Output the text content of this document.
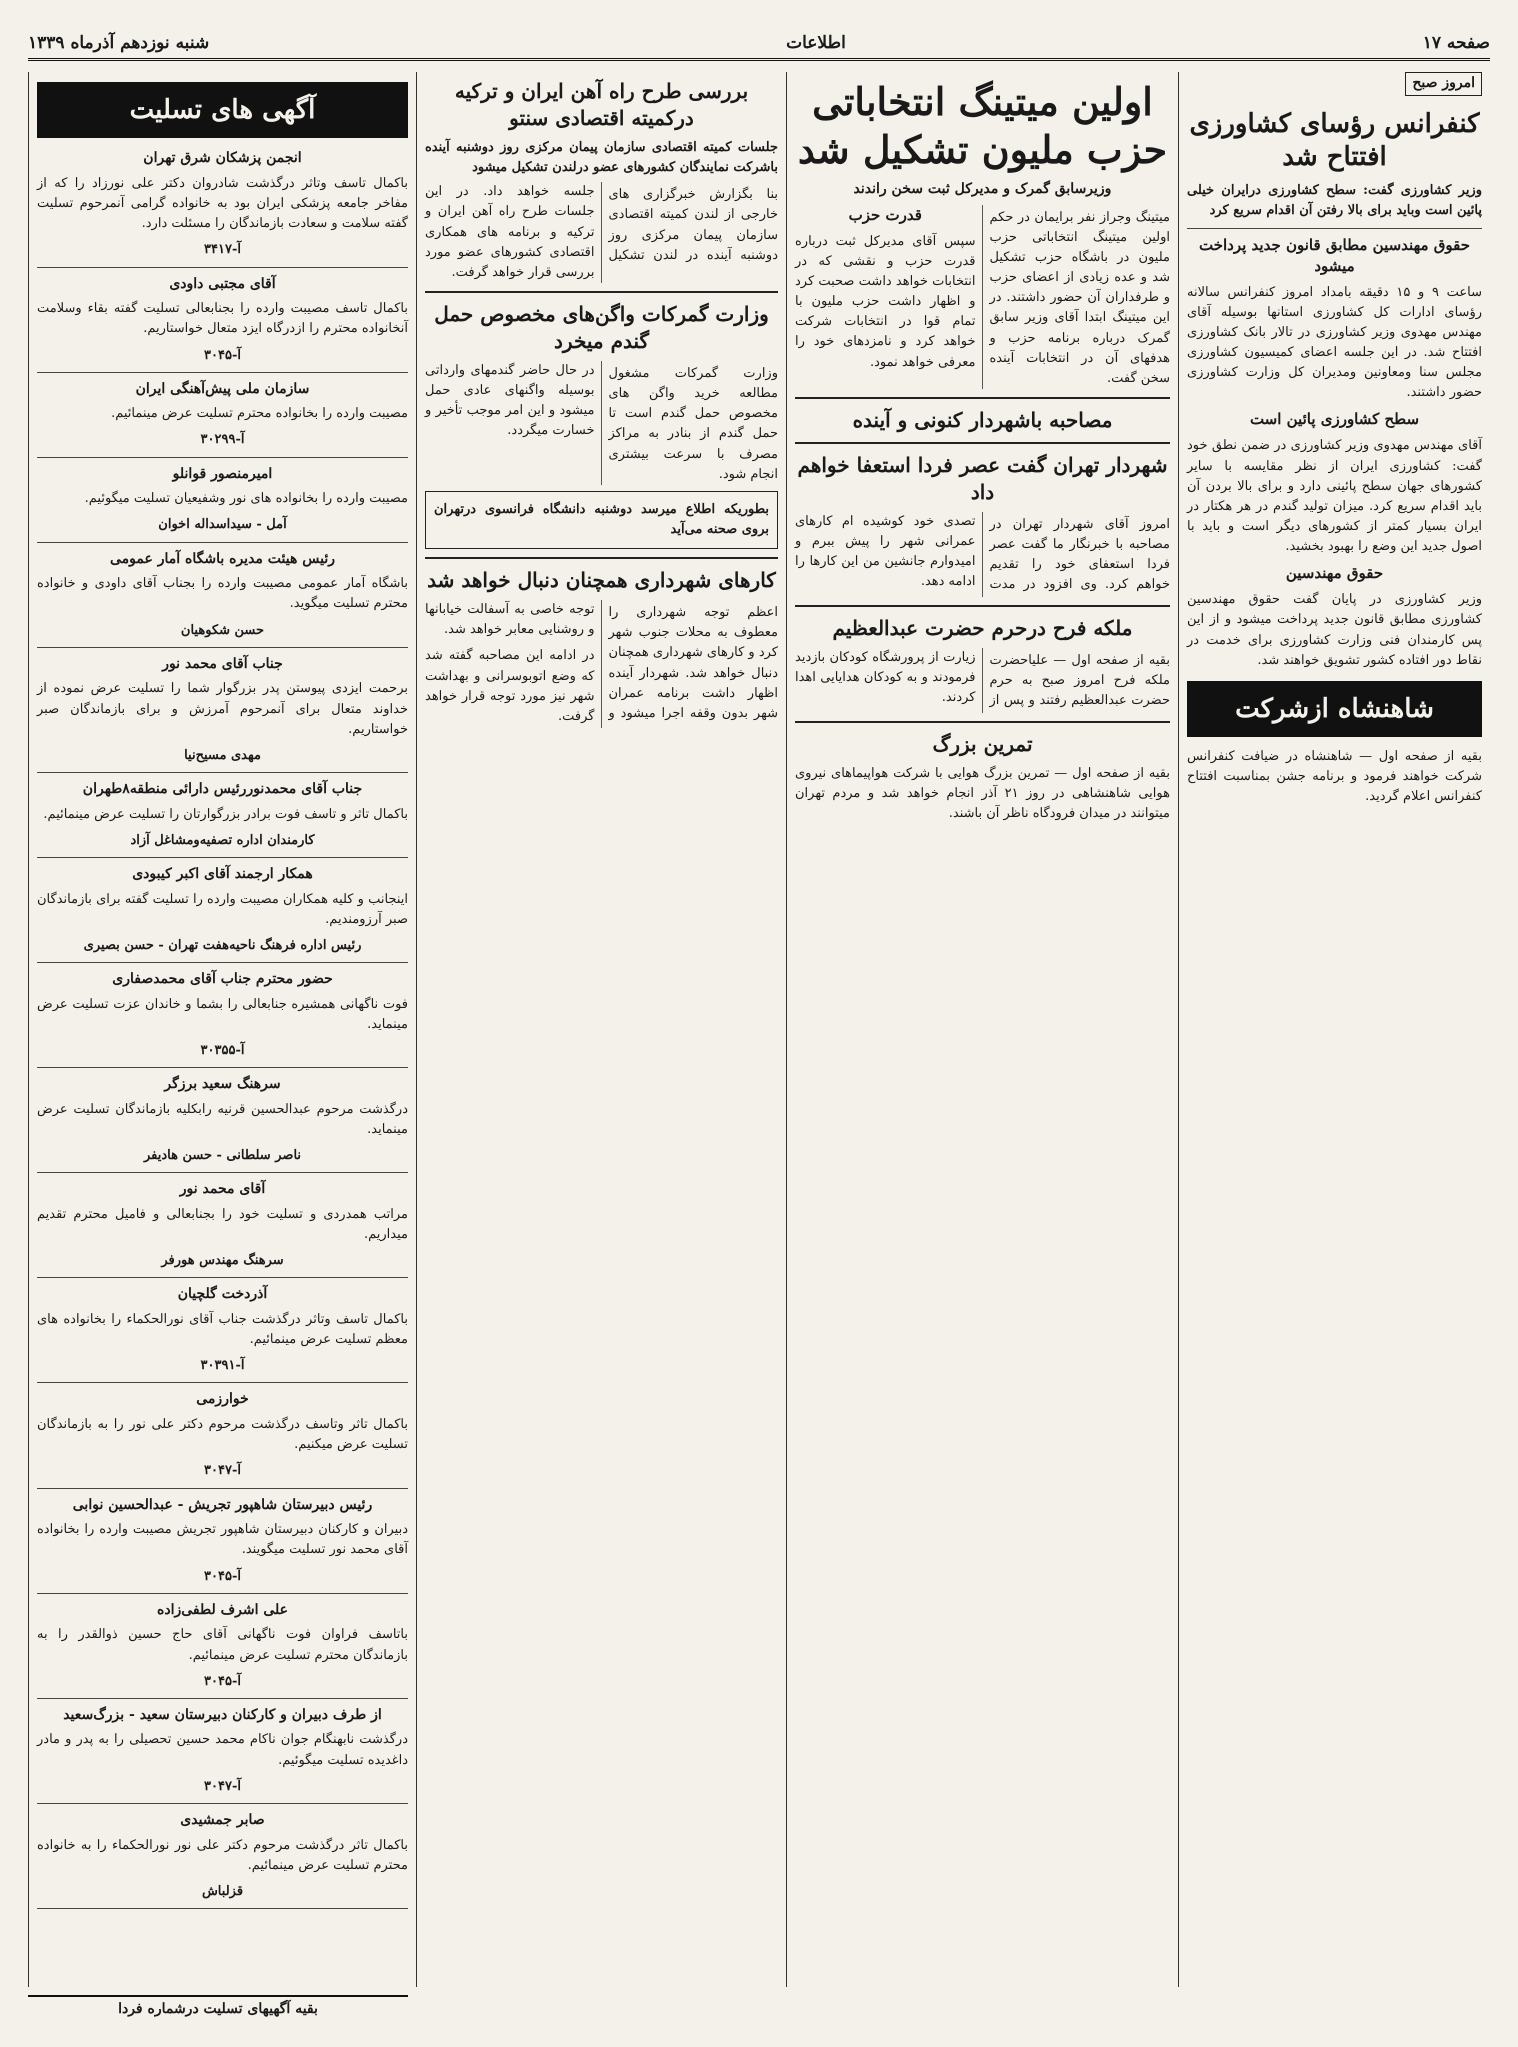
صفحه ۱۷
اطلاعات
شنبه نوزدهم آذرماه ۱۳۳۹
امروز صبح
کنفرانس رؤسای کشاورزی افتتاح شد
وزیر کشاورزی گفت: سطح کشاورزی درایران خیلی پائین است وباید برای بالا رفتن آن اقدام سریع کرد
حقوق مهندسین مطابق قانون جدید پرداخت میشود

ساعت ۹ و ۱۵ دقیقه بامداد امروز کنفرانس سالانه رؤسای ادارات کل کشاورزی استانها بوسیله آقای مهندس مهدوی وزیر کشاورزی در تالار بانک کشاورزی افتتاح شد. در این جلسه اعضای کمیسیون کشاورزی مجلس سنا ومعاونین ومدیران کل وزارت کشاورزی حضور داشتند.

سطح کشاورزی پائین است

آقای مهندس مهدوی وزیر کشاورزی در ضمن نطق خود گفت: کشاورزی ایران از نظر مقایسه با سایر کشورهای جهان سطح پائینی دارد و برای بالا بردن آن باید اقدام سریع کرد. میزان تولید گندم در هر هکتار در ایران بسیار کمتر از کشورهای دیگر است و باید با اصول جدید این وضع را بهبود بخشید.

حقوق مهندسین

وزیر کشاورزی در پایان گفت حقوق مهندسین کشاورزی مطابق قانون جدید پرداخت میشود و از این پس کارمندان فنی وزارت کشاورزی برای خدمت در نقاط دور افتاده کشور تشویق خواهند شد.

شاهنشاه ازشرکت

بقیه از صفحه اول — شاهنشاه در ضیافت کنفرانس شرکت خواهند فرمود و برنامه جشن بمناسبت افتتاح کنفرانس اعلام گردید.

اولین میتینگ انتخاباتی حزب ملیون تشکیل شد
وزیرسابق گمرک و مدیرکل ثبت سخن راندند

میتینگ وجراز نفر برایمان در حکم اولین میتینگ انتخاباتی حزب ملیون در باشگاه حزب تشکیل شد و عده زیادی از اعضای حزب و طرفداران آن حضور داشتند. در این میتینگ ابتدا آقای وزیر سابق گمرک درباره برنامه حزب و هدفهای آن در انتخابات آینده سخن گفت.

قدرت حزب

سپس آقای مدیرکل ثبت درباره قدرت حزب و نقشی که در انتخابات خواهد داشت صحبت کرد و اظهار داشت حزب ملیون با تمام قوا در انتخابات شرکت خواهد کرد و نامزدهای خود را معرفی خواهد نمود.

مصاحبه باشهردار کنونی و آینده
شهردار تهران گفت عصر فردا استعفا خواهم داد

امروز آقای شهردار تهران در مصاحبه با خبرنگار ما گفت عصر فردا استعفای خود را تقدیم خواهم کرد. وی افزود در مدت تصدی خود کوشیده ام کارهای عمرانی شهر را پیش ببرم و امیدوارم جانشین من این کارها را ادامه دهد.

ملکه فرح درحرم حضرت عبدالعظیم

بقیه از صفحه اول — علیاحضرت ملکه فرح امروز صبح به حرم حضرت عبدالعظیم رفتند و پس از زیارت از پرورشگاه کودکان بازدید فرمودند و به کودکان هدایایی اهدا کردند.

تمرین بزرگ

بقیه از صفحه اول — تمرین بزرگ هوایی با شرکت هواپیماهای نیروی هوایی شاهنشاهی در روز ۲۱ آذر انجام خواهد شد و مردم تهران میتوانند در میدان فرودگاه ناظر آن باشند.

بررسی طرح راه آهن ایران و ترکیه درکمیته اقتصادی سنتو
جلسات کمیته اقتصادی سازمان پیمان مرکزی روز دوشنبه آینده باشرکت نمایندگان کشورهای عضو درلندن تشکیل میشود

بنا بگزارش خبرگزاری های خارجی از لندن کمیته اقتصادی سازمان پیمان مرکزی روز دوشنبه آینده در لندن تشکیل جلسه خواهد داد. در این جلسات طرح راه آهن ایران و ترکیه و برنامه های همکاری اقتصادی کشورهای عضو مورد بررسی قرار خواهد گرفت.

وزارت گمرکات واگن‌های مخصوص حمل گندم میخرد

وزارت گمرکات مشغول مطالعه خرید واگن های مخصوص حمل گندم است تا حمل گندم از بنادر به مراکز مصرف با سرعت بیشتری انجام شود.

در حال حاضر گندمهای وارداتی بوسیله واگنهای عادی حمل میشود و این امر موجب تأخیر و خسارت میگردد.

بطوریکه اطلاع میرسد دوشنبه دانشگاه فرانسوی درتهران بروی صحنه می‌آید
کارهای شهرداری همچنان دنبال خواهد شد

اعظم توجه شهرداری را معطوف به محلات جنوب شهر کرد و کارهای شهرداری همچنان دنبال خواهد شد. شهردار آینده اظهار داشت برنامه عمران شهر بدون وقفه اجرا میشود و توجه خاصی به آسفالت خیابانها و روشنایی معابر خواهد شد.

در ادامه این مصاحبه گفته شد که وضع اتوبوسرانی و بهداشت شهر نیز مورد توجه قرار خواهد گرفت.

آگهی های تسلیت
انجمن پزشکان شرق تهران

باکمال تاسف وتاثر درگذشت شادروان دکتر علی نورزاد را که از مفاخر جامعه پزشکی ایران بود به خانواده گرامی آنمرحوم تسلیت گفته سلامت و سعادت بازماندگان را مسئلت دارد.

آ-۳۴۱۷
آقای مجتبی داودی

باکمال تاسف مصیبت وارده را بجنابعالی تسلیت گفته بقاء وسلامت آنخانواده محترم را ازدرگاه ایزد متعال خواستاریم.

آ-۳۰۴۵
سازمان ملی پیش‌آهنگی ایران

مصیبت وارده را بخانواده محترم تسلیت عرض مینمائیم.

آ-۳۰۲۹۹
امیرمنصور قوانلو

مصیبت وارده را بخانواده های نور وشفیعیان تسلیت میگوئیم.

آمل - سیداسداله اخوان
رئیس هیئت مدیره باشگاه آمار عمومی

باشگاه آمار عمومی مصیبت وارده را بجناب آقای داودی و خانواده محترم تسلیت میگوید.

حسن شکوهیان
جناب آقای محمد نور

برحمت ایزدی پیوستن پدر بزرگوار شما را تسلیت عرض نموده از خداوند متعال برای آنمرحوم آمرزش و برای بازماندگان صبر خواستاریم.

مهدی مسیح‌نیا
جناب آقای محمدنوررئیس دارائی منطقه۸طهران

باکمال تاثر و تاسف فوت برادر بزرگوارتان را تسلیت عرض مینمائیم.

کارمندان اداره تصفیه‌ومشاغل آزاد
همکار ارجمند آقای اکبر کیبودی

اینجانب و کلیه همکاران مصیبت وارده را تسلیت گفته برای بازماندگان صبر آرزومندیم.

رئیس اداره فرهنگ ناحیه‌هفت تهران - حسن بصیری
حضور محترم جناب آقای محمدصفاری

فوت ناگهانی همشیره جنابعالی را بشما و خاندان عزت تسلیت عرض مینماید.

آ-۳۰۳۵۵
سرهنگ سعید برزگر

درگذشت مرحوم عبدالحسین قرنیه رابکلیه بازماندگان تسلیت عرض مینماید.

ناصر سلطانی - حسن هادیفر
آقای محمد نور

مراتب همدردی و تسلیت خود را بجنابعالی و فامیل محترم تقدیم میداریم.

سرهنگ مهندس هورفر
آذردخت گلچیان

باکمال تاسف وتاثر درگذشت جناب آقای نورالحکماء را بخانواده های معظم تسلیت عرض مینمائیم.

آ-۳۰۳۹۱
خوارزمی

باکمال تاثر وتاسف درگذشت مرحوم دکتر علی نور را به بازماندگان تسلیت عرض میکنیم.

آ-۳۰۴۷
رئیس دبیرستان شاهپور تجریش - عبدالحسین نوابی

دبیران و کارکنان دبیرستان شاهپور تجریش مصیبت وارده را بخانواده آقای محمد نور تسلیت میگویند.

آ-۳۰۴۵
علی اشرف لطفی‌زاده

باتاسف فراوان فوت ناگهانی آقای حاج حسین ذوالقدر را به بازماندگان محترم تسلیت عرض مینمائیم.

آ-۳۰۴۵
از طرف دبیران و کارکنان دبیرستان سعید - بزرگ‌سعید

درگذشت نابهنگام جوان ناکام محمد حسین تحصیلی را به پدر و مادر داغدیده تسلیت میگوئیم.

آ-۳۰۴۷
صابر جمشیدی

باکمال تاثر درگذشت مرحوم دکتر علی نور نورالحکماء را به خانواده محترم تسلیت عرض مینمائیم.

قزلباش
بقیه آگهیهای تسلیت درشماره فردا
